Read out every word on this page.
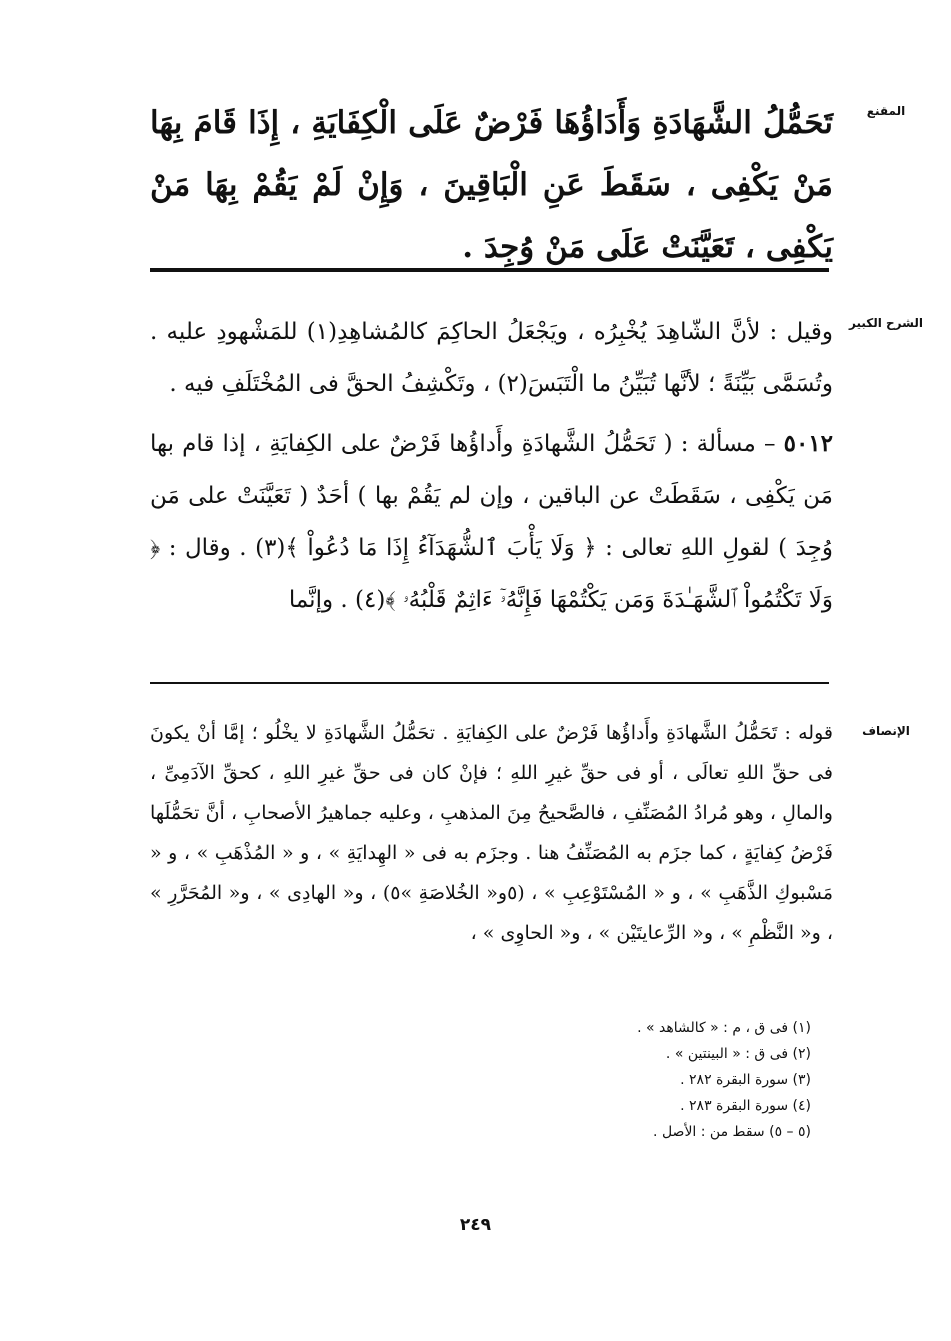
المقنع

تَحَمُّلُ الشَّهَادَةِ وَأَدَاؤُهَا فَرْضٌ عَلَى الْكِفَايَةِ ، إِذَا قَامَ بِهَا مَنْ يَكْفِى ، سَقَطَ عَنِ الْبَاقِينَ ، وَإِنْ لَمْ يَقُمْ بِهَا مَنْ يَكْفِى ، تَعَيَّنَتْ عَلَى مَنْ وُجِدَ .

الشرح الكبير

وقيل : لأنَّ الشّاهِدَ يُخْبِرُه ، ويَجْعَلُ الحاكِمَ كالمُشاهِدِ(١) للمَشْهودِ عليه . وتُسَمَّى بَيِّنَةً ؛ لأنَّها تُبَيِّنُ ما الْتَبَسَ(٢) ، وتَكْشِفُ الحقَّ فى المُخْتَلَفِ فيه .

٥٠١٢ – مسألة : ( تَحَمُّلُ الشَّهادَةِ وأَداؤُها فَرْضٌ على الكِفايَةِ ، إذا قام بها مَن يَكْفِى ، سَقَطَتْ عن الباقين ، وإن لم يَقُمْ بها ) أحَدٌ ( تَعَيَّنَتْ على مَن وُجِدَ ) لقولِ اللهِ تعالى : ﴿ وَلَا يَأْبَ ٱلشُّهَدَآءُ إِذَا مَا دُعُواْ ﴾(٣) . وقال : ﴿ وَلَا تَكْتُمُواْ ٱلشَّهَـٰدَةَ وَمَن يَكْتُمْهَا فَإِنَّهُۥٓ ءَاثِمٌ قَلْبُهُۥ ﴾(٤) . وإنَّما

الإنصاف

قوله : تَحَمُّلُ الشَّهادَةِ وأَداؤُها فَرْضٌ على الكِفايَةِ . تحَمُّلُ الشَّهادَةِ لا يخْلُو ؛ إمَّا أنْ يكونَ فى حقِّ اللهِ تعالَى ، أو فى حقِّ غيرِ اللهِ ؛ فإنْ كان فى حقِّ غيرِ اللهِ ، كحقِّ الآدَمِىِّ ، والمالِ ، وهو مُرادُ المُصَنِّفِ ، فالصَّحيحُ مِنَ المذهبِ ، وعليه جماهيرُ الأصحابِ ، أنَّ تحَمُّلَها فَرْضُ كِفايَةٍ ، كما جزَم به المُصَنِّفُ هنا . وجزَم به فى « الهِدايَةِ » ، و « المُذْهَبِ » ، و « مَسْبوكِ الذَّهَبِ » ، و « المُسْتَوْعِبِ » ، (٥و« الخُلاصَةِ »٥) ، و« الهادِى » ، و« المُحَرَّرِ » ، و« النَّظْمِ » ، و« الرِّعايتَيْن » ، و« الحاوِى » ،

(١) فى ق ، م : « كالشاهد » .
(٢) فى ق : « البينتين » .
(٣) سورة البقرة ٢٨٢ .
(٤) سورة البقرة ٢٨٣ .
(٥ – ٥) سقط من : الأصل .
٢٤٩
